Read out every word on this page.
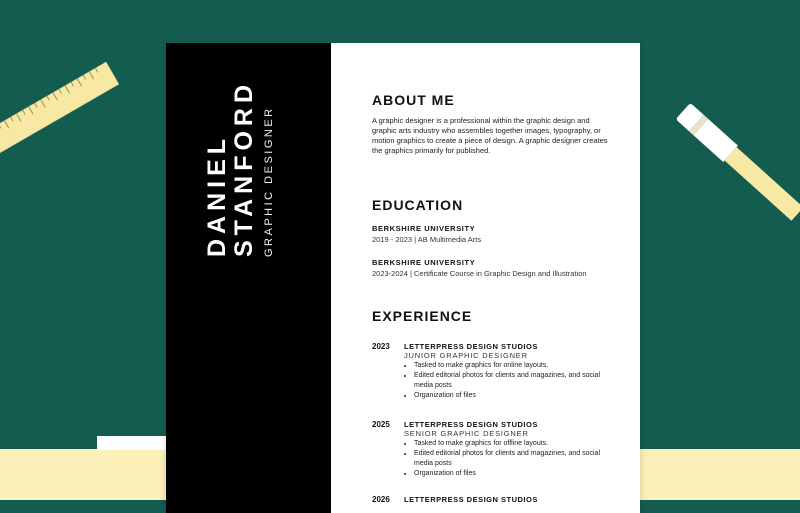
DANIEL STANFORD GRAPHIC DESIGNER
ABOUT ME
A graphic designer is a professional within the graphic design and graphic arts industry who assembles together images, typography, or motion graphics to create a piece of design. A graphic designer creates the graphics primarily for published.
EDUCATION
BERKSHIRE UNIVERSITY
2019 - 2023 | AB Multimedia Arts
BERKSHIRE UNIVERSITY
2023-2024 | Certificate Course in Graphic Design and Illustration
EXPERIENCE
2023 LETTERPRESS DESIGN STUDIOS
JUNIOR GRAPHIC DESIGNER
• Tasked to make graphics for online layouts.
• Edited editorial photos for clients and magazines, and social media posts
• Organization of files
2025 LETTERPRESS DESIGN STUDIOS
SENIOR GRAPHIC DESIGNER
• Tasked to make graphics for offline layouts.
• Edited editorial photos for clients and magazines, and social media posts
• Organization of files
2026 LETTERPRESS DESIGN STUDIOS
